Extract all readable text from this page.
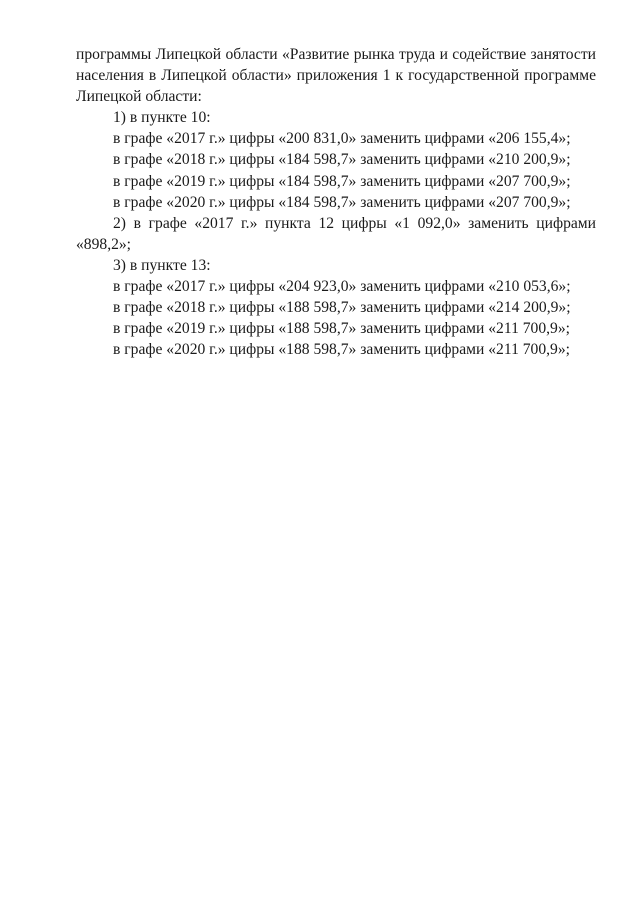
программы Липецкой области «Развитие рынка труда и содействие занятости населения в Липецкой области» приложения 1 к государственной программе Липецкой области:

1) в пункте 10:

в графе «2017 г.» цифры «200 831,0» заменить цифрами «206 155,4»;

в графе «2018 г.» цифры «184 598,7» заменить цифрами «210 200,9»;

в графе «2019 г.» цифры «184 598,7» заменить цифрами «207 700,9»;

в графе «2020 г.» цифры «184 598,7» заменить цифрами «207 700,9»;

2) в графе «2017 г.» пункта 12 цифры «1 092,0» заменить цифрами «898,2»;

3) в пункте 13:

в графе «2017 г.» цифры «204 923,0» заменить цифрами «210 053,6»;

в графе «2018 г.» цифры «188 598,7» заменить цифрами «214 200,9»;

в графе «2019 г.» цифры «188 598,7» заменить цифрами «211 700,9»;

в графе «2020 г.» цифры «188 598,7» заменить цифрами «211 700,9»;
